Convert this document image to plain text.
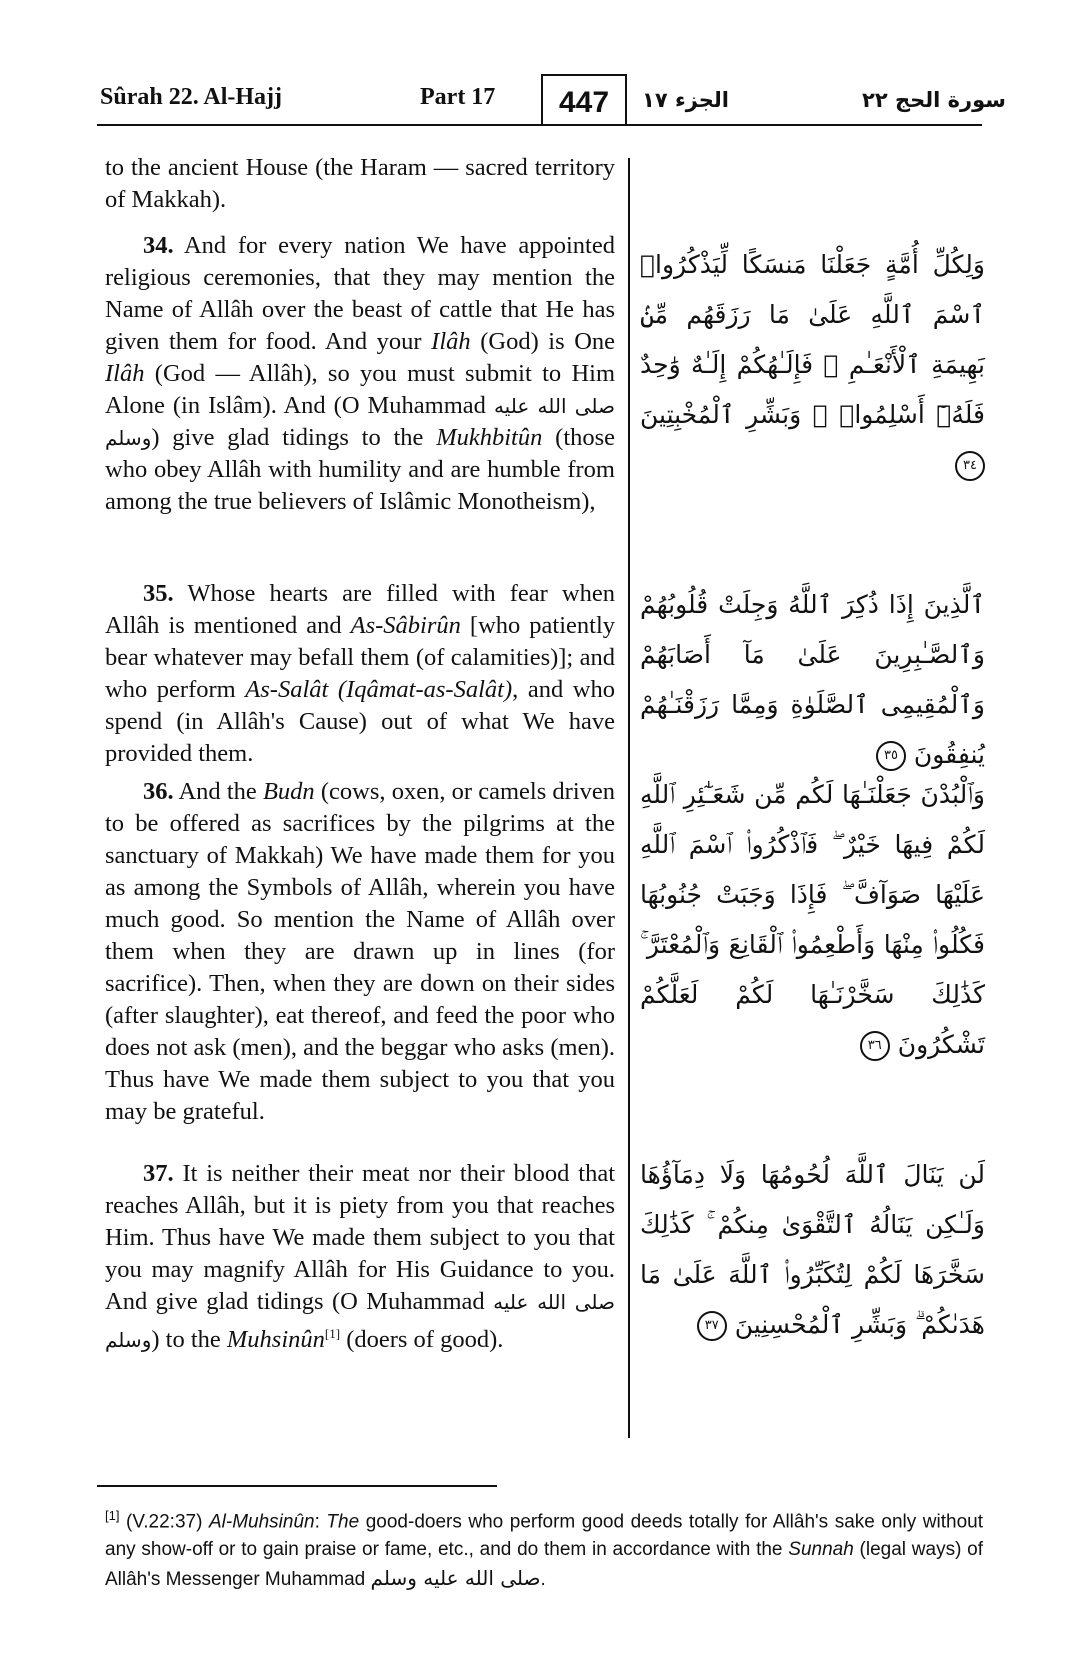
Sûrah 22. Al-Hajj	Part 17	447	الجزء ١٧	سورة الحج ٢٢
to the ancient House (the Haram — sacred territory of Makkah).
34. And for every nation We have appointed religious ceremonies, that they may mention the Name of Allâh over the beast of cattle that He has given them for food. And your Ilâh (God) is One Ilâh (God — Allâh), so you must submit to Him Alone (in Islâm). And (O Muhammad صلى الله عليه وسلم) give glad tidings to the Mukhbitûn (those who obey Allâh with humility and are humble from among the true believers of Islâmic Monotheism),
35. Whose hearts are filled with fear when Allâh is mentioned and As-Sâbirûn [who patiently bear whatever may befall them (of calamities)]; and who perform As-Salât (Iqâmat-as-Salât), and who spend (in Allâh's Cause) out of what We have provided them.
36. And the Budn (cows, oxen, or camels driven to be offered as sacrifices by the pilgrims at the sanctuary of Makkah) We have made them for you as among the Symbols of Allâh, wherein you have much good. So mention the Name of Allâh over them when they are drawn up in lines (for sacrifice). Then, when they are down on their sides (after slaughter), eat thereof, and feed the poor who does not ask (men), and the beggar who asks (men). Thus have We made them subject to you that you may be grateful.
37. It is neither their meat nor their blood that reaches Allâh, but it is piety from you that reaches Him. Thus have We made them subject to you that you may magnify Allâh for His Guidance to you. And give glad tidings (O Muhammad صلى الله عليه وسلم) to the Muhsinûn[1] (doers of good).
وَلِكُلِّ أُمَّةٍ جَعَلْنَا مَنسَكًا لِّيَذْكُرُوا۟ ٱسْمَ ٱللَّهِ عَلَىٰ مَا رَزَقَهُم مِّنۢ بَهِيمَةِ ٱلْأَنْعَـٰمِ ۗ فَإِلَـٰهُكُمْ إِلَـٰهٌ وَٰحِدٌ فَلَهُۥٓ أَسْلِمُوا۟ ۗ وَبَشِّرِ ٱلْمُخْبِتِينَ ٣٤
ٱلَّذِينَ إِذَا ذُكِرَ ٱللَّهُ وَجِلَتْ قُلُوبُهُمْ وَٱلصَّـٰبِرِينَ عَلَىٰ مَآ أَصَابَهُمْ وَٱلْمُقِيمِى ٱلصَّلَوٰةِ وَمِمَّا رَزَقْنَـٰهُمْ يُنفِقُونَ ٣٥
وَٱلْبُدْنَ جَعَلْنَـٰهَا لَكُم مِّن شَعَـٰٓئِرِ ٱللَّهِ لَكُمْ فِيهَا خَيْرٌ ۖ فَٱذْكُرُوا۟ ٱسْمَ ٱللَّهِ عَلَيْهَا صَوَآفَّ ۖ فَإِذَا وَجَبَتْ جُنُوبُهَا فَكُلُوا۟ مِنْهَا وَأَطْعِمُوا۟ ٱلْقَانِعَ وَٱلْمُعْتَرَّ ۚ كَذَٰلِكَ سَخَّرْنَـٰهَا لَكُمْ لَعَلَّكُمْ تَشْكُرُونَ ٣٦
لَن يَنَالَ ٱللَّهَ لُحُومُهَا وَلَا دِمَآؤُهَا وَلَـٰكِن يَنَالُهُ ٱلتَّقْوَىٰ مِنكُمْ ۚ كَذَٰلِكَ سَخَّرَهَا لَكُمْ لِتُكَبِّرُوا۟ ٱللَّهَ عَلَىٰ مَا هَدَىٰكُمْ ۗ وَبَشِّرِ ٱلْمُحْسِنِينَ ٣٧
[1] (V.22:37) Al-Muhsinûn: The good-doers who perform good deeds totally for Allâh's sake only without any show-off or to gain praise or fame, etc., and do them in accordance with the Sunnah (legal ways) of Allâh's Messenger Muhammad صلى الله عليه وسلم.
